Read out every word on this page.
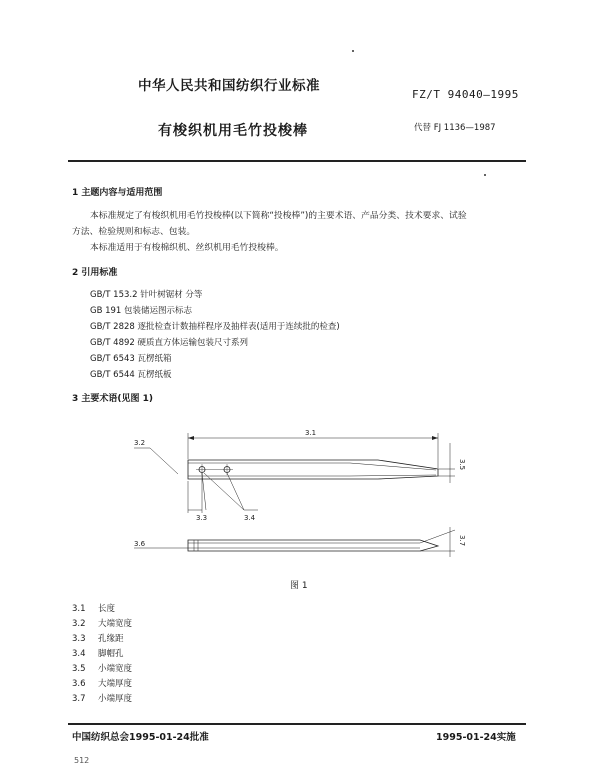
中华人民共和国纺织行业标准
FZ/T 94040—1995
有梭织机用毛竹投梭棒	代替 FJ 1136—1987
1 主题内容与适用范围
本标准规定了有梭织机用毛竹投梭棒(以下简称“投梭棒”)的主要术语、产品分类、技术要求、试验
方法、检验规则和标志、包装。
本标准适用于有梭棉织机、丝织机用毛竹投梭棒。
2 引用标准
GB/T 153.2 针叶树锯材 分等
GB 191 包装储运图示标志
GB/T 2828 逐批检查计数抽样程序及抽样表(适用于连续批的检查)
GB/T 4892 硬质直方体运输包装尺寸系列
GB/T 6543 瓦楞纸箱
GB/T 6544 瓦楞纸板
3 主要术语(见图 1)
3.1
3.2
3.3	3.4
3.5
3.6	3.7
图 1
3.1 长度
3.2 大端宽度
3.3 孔缘距
3.4 脚帽孔
3.5 小端宽度
3.6 大端厚度
3.7 小端厚度
中国纺织总会1995-01-24批准	1995-01-24实施
512
